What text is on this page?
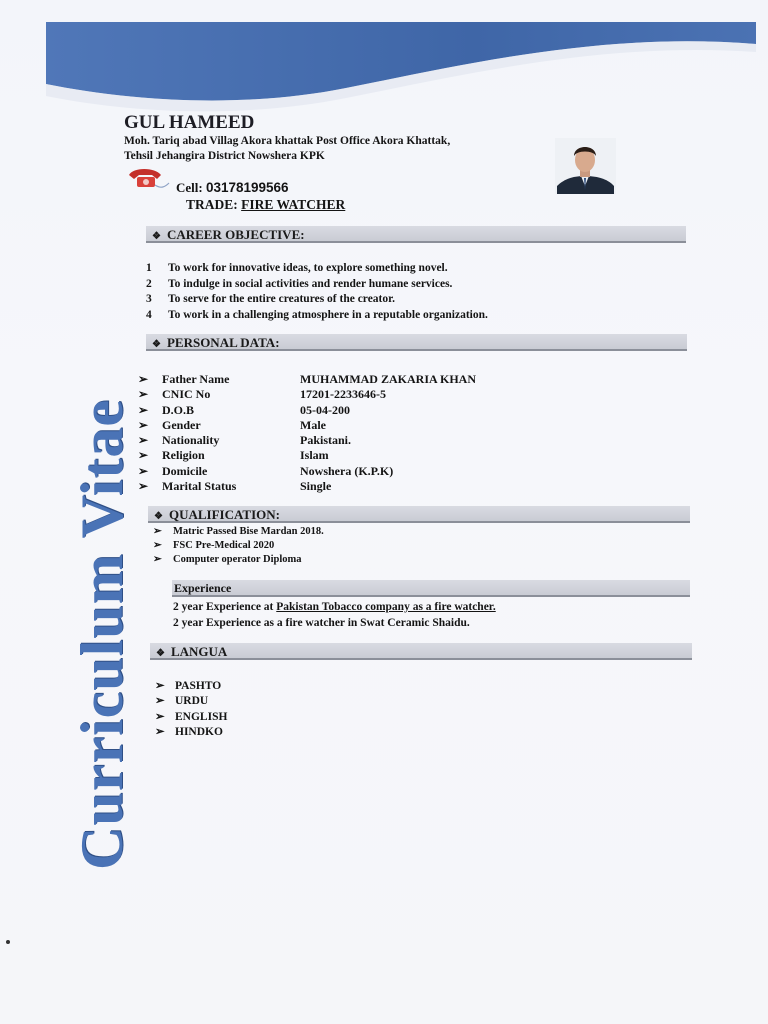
Curriculum Vitae
GUL HAMEED
Moh. Tariq abad Villag Akora khattak Post Office Akora Khattak,
Tehsil Jehangira District Nowshera KPK
Cell: 03178199566
TRADE: FIRE WATCHER
❖ CAREER OBJECTIVE:
1	To work for innovative ideas, to explore something novel.
2	To indulge in social activities and render humane services.
3	To serve for the entire creatures of the creator.
4	To work in a challenging atmosphere in a reputable organization.
❖ PERSONAL DATA:
➢	Father Name	MUHAMMAD ZAKARIA KHAN
➢	CNIC No	17201-2233646-5
➢	D.O.B	05-04-200
➢	Gender	Male
➢	Nationality	Pakistani.
➢	Religion	Islam
➢	Domicile	Nowshera (K.P.K)
➢	Marital Status	Single
❖ QUALIFICATION:
➢	Matric Passed Bise Mardan 2018.
➢	FSC Pre-Medical 2020
➢	Computer operator Diploma
Experience
2 year Experience at Pakistan Tobacco company as a fire watcher.
2 year Experience as a fire watcher in Swat Ceramic Shaidu.
❖ LANGUA
➢ PASHTO
➢ URDU
➢ ENGLISH
➢ HINDKO
